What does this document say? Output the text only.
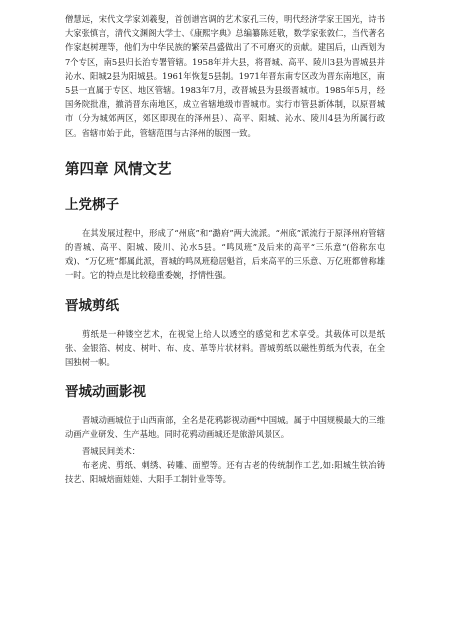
僧慧远，宋代文学家刘羲叟，首创谱宫调的艺术家孔三传，明代经济学家王国光，诗书大家张慎言，清代文渊阁大学士、《康熙字典》总编纂陈廷敬，数学家张敦仁，当代著名作家赵树理等，他们为中华民族的繁荣昌盛做出了不可磨灭的贡献。建国后，山西划为7个专区，南5县归长治专署管辖。1958年并大县，将晋城、高平、陵川3县为晋城县并沁水、阳城2县为阳城县。1961年恢复5县制。1971年晋东南专区改为晋东南地区，南5县一直属于专区、地区管辖。1983年7月，改晋城县为县级晋城市。1985年5月，经国务院批准，撤消晋东南地区，成立省辖地级市晋城市。实行市管县新体制，以原晋城市（分为城郊两区，郊区即现在的泽州县）、高平、阳城、沁水、陵川4县为所属行政区。省辖市始于此，管辖范围与古泽州的版图一致。

第四章 风情文艺
上党梆子

在其发展过程中，形成了“州底”和“潞府”两大流派。“州底”派流行于原泽州府管辖的晋城、高平、阳城、陵川、沁水5县。“鸣凤班”及后来的高平“三乐意”(俗称东屯戏)、“万亿班”都属此派，晋城的鸣凤班稳居魁首，后来高平的三乐意、万亿班都曾称雄一时。它的特点是比较稳重委婉，抒情性强。

晋城剪纸

剪纸是一种镂空艺术，在视觉上给人以透空的感觉和艺术享受。其载体可以是纸张、金银箔、树皮、树叶、布、皮、革等片状材料。晋城剪纸以磁性剪纸为代表，在全国独树一帜。

晋城动画影视

晋城动画城位于山西南部，全名是花鸦影视动画*中国城。属于中国规模最大的三维动画产业研发、生产基地。同时花鸦动画城还是旅游风景区。

晋城民间美术：

布老虎、剪纸、刺绣、砖雕、面塑等。还有古老的传统制作工艺,如:阳城生铁冶铸技艺、阳城焙面娃娃、大阳手工制针业等等。
